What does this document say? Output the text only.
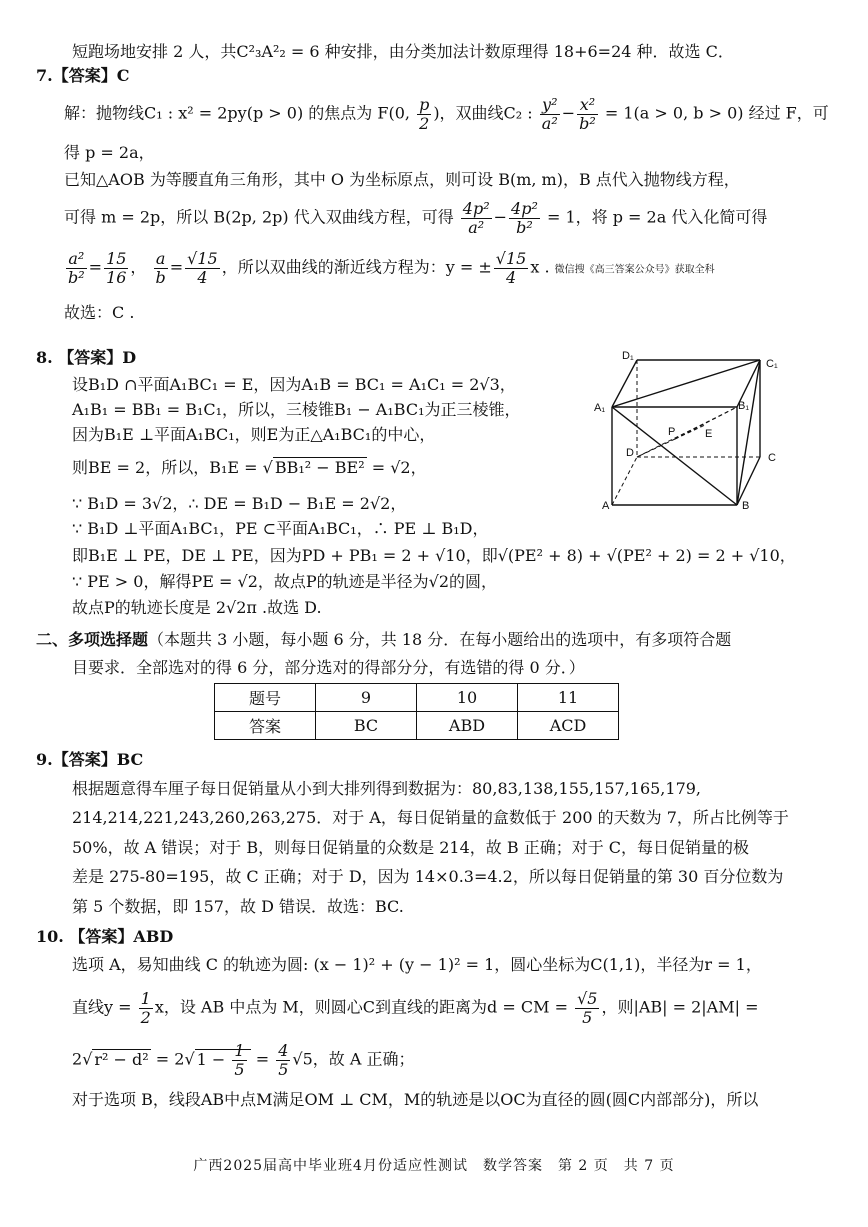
短跑场地安排 2 人，共C²₃A²₂ = 6 种安排，由分类加法计数原理得 18+6=24 种．故选 C．
7.【答案】C
解：抛物线C₁ : x² = 2py(p > 0) 的焦点为 F(0, $\frac{p}{2}$ )，双曲线C₂ : $\frac{\text{y²}}{\text{a²}} - \frac{\text{x²}}{\text{b²}} = 1(a > 0$, b > 0) 经过 F，可
得 p = 2a，
已知△AOB 为等腰直角三角形，其中 O 为坐标原点，则可设 B(m, m)，B 点代入抛物线方程，
可得 m = 2p，所以 B(2p, 2p) 代入双曲线方程，可得 $\frac{\text{4p²}}{\text{a²}} - \frac{\text{4p²}}{\text{b²}} = 1$，将 p = 2a 代入化简可得
$\frac{\text{a²}}{\text{b²}} = \frac{15}{16}$ ， $\frac{a}{b} = \frac{√15}{4}$ ，所以双曲线的渐近线方程为：y = ± $\frac{√15}{4}$ x . 微信搜《高三答案公众号》获取全科
故选：C .
8. 【答案】D
设B₁D ∩平面A₁BC₁ = E，因为A₁B = BC₁ = A₁C₁ = 2√3，
A₁B₁ = BB₁ = B₁C₁，所以，三棱锥B₁ − A₁BC₁为正三棱锥，
因为B₁E ⊥平面A₁BC₁，则E为正△A₁BC₁的中心，
则BE = 2，所以，B₁E = √ BB₁² − BE² = √2，
∵ B₁D = 3√2，∴ DE = B₁D − B₁E = 2√2，
∵ B₁D ⊥平面A₁BC₁，PE ⊂平面A₁BC₁，∴ PE ⊥ B₁D，
即B₁E ⊥ PE，DE ⊥ PE，因为PD + PB₁ = 2 + √10，即√(PE² + 8) + √(PE² + 2) = 2 + √10，
∵ PE > 0，解得PE = √2，故点P的轨迹是半径为√2的圆，
故点P的轨迹长度是 2√2π .故选 D.
D₁
C₁
A₁	B₁
P	E
D	C
A	B
二、多项选择题（本题共 3 小题，每小题 6 分，共 18 分．在每小题给出的选项中，有多项符合题
目要求．全部选对的得 6 分，部分选对的得部分分，有选错的得 0 分．）
题号	9	10	11
答案	BC	ABD	ACD
9.【答案】BC
根据题意得车厘子每日促销量从小到大排列得到数据为：80,83,138,155,157,165,179,
214,214,221,243,260,263,275．对于 A，每日促销量的盒数低于 200 的天数为 7，所占比例等于
50%，故 A 错误；对于 B，则每日促销量的众数是 214，故 B 正确；对于 C，每日促销量的极
差是 275-80=195，故 C 正确；对于 D，因为 14×0.3=4.2，所以每日促销量的第 30 百分位数为
第 5 个数据，即 157，故 D 错误．故选：BC.
10. 【答案】ABD
选项 A，易知曲线 C 的轨迹为圆: (x − 1)² + (y − 1)² = 1，圆心坐标为C(1,1)，半径为r = 1，
直线$y = \frac{1}{2}$ x，设 AB 中点为 M，则圆心C到直线的距离为d = CM = $\frac{√5}{5}$ ，则|AB| = 2|AM| =
2√ r² − d² = 2√ $1 - \frac{1}{5} = \frac{4}{5} √5$，故 A 正确；
对于选项 B，线段AB中点M满足OM ⊥ CM，M的轨迹是以OC为直径的圆(圆C内部部分)，所以
广西2025届高中毕业班4月份适应性测试　数学答案　第 2 页　共 7 页
